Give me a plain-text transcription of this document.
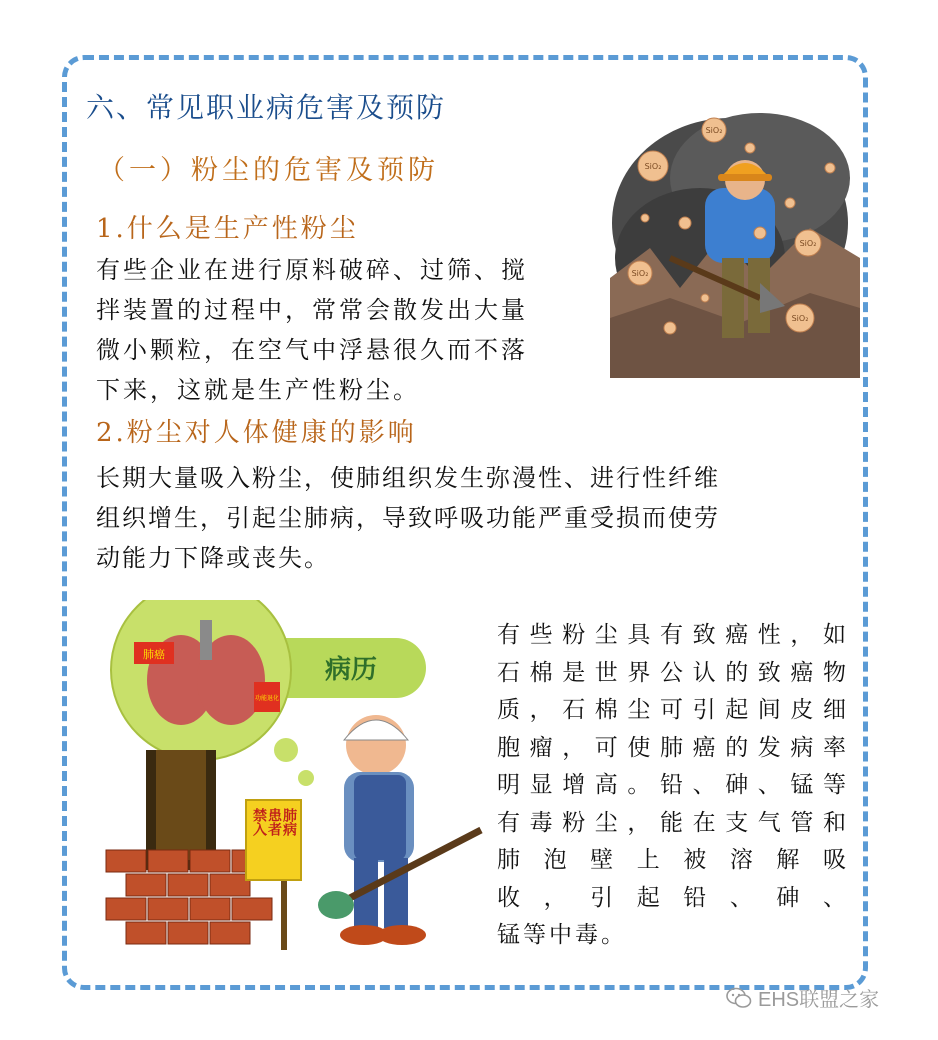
六、常见职业病危害及预防
（一）粉尘的危害及预防
1.什么是生产性粉尘
有些企业在进行原料破碎、过筛、搅
拌装置的过程中，常常会散发出大量
微小颗粒，在空气中浮悬很久而不落
下来，这就是生产性粉尘。
2.粉尘对人体健康的影响
长期大量吸入粉尘，使肺组织发生弥漫性、进行性纤维
组织增生，引起尘肺病，导致呼吸功能严重受损而使劳
动能力下降或丧失。
有些粉尘具有致癌性，如
石棉是世界公认的致癌物
质，石棉尘可引起间皮细
胞瘤，可使肺癌的发病率
明显增高。铅、砷、锰等
有毒粉尘，能在支气管和
肺泡壁上被溶解吸
收，引起铅、砷、
锰等中毒。
SiO₂
SiO₂
SiO₂
SiO₂
SiO₂
病历
肺癌
功能退化
肺病
患者
禁入
EHS联盟之家
